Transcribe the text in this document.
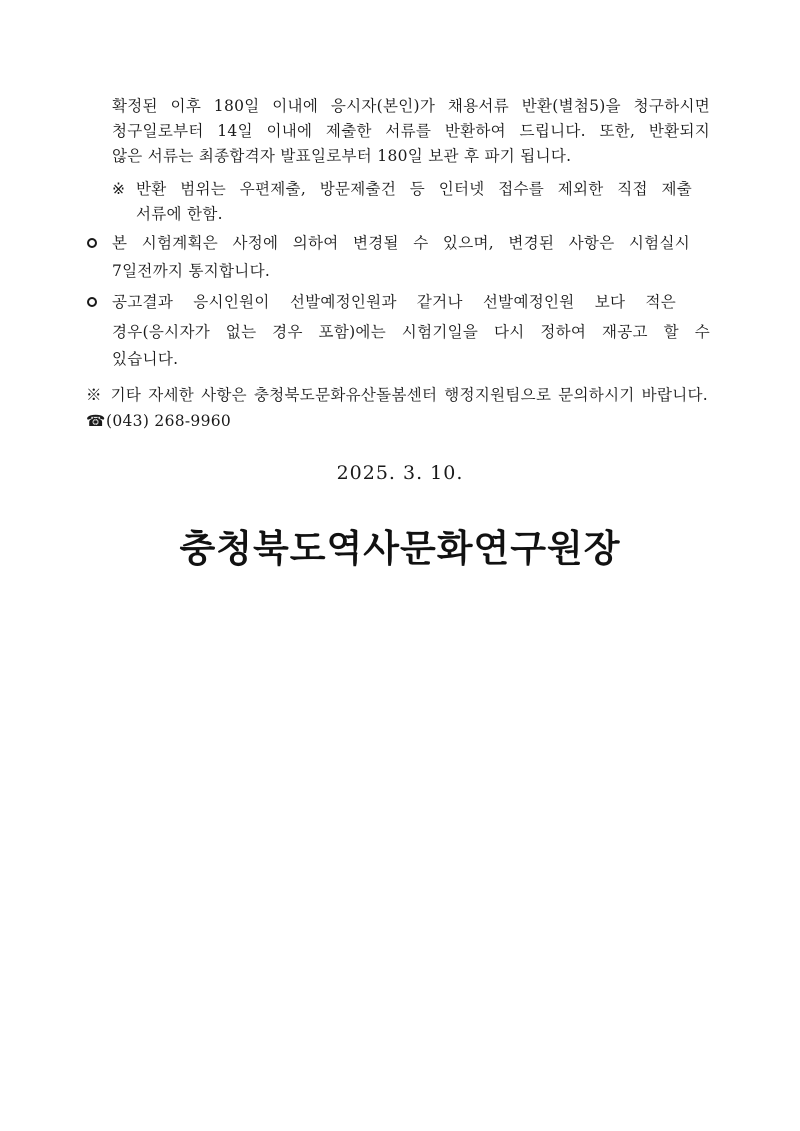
확정된 이후 180일 이내에 응시자(본인)가 채용서류 반환(별첨5)을 청구하시면
청구일로부터 14일 이내에 제출한 서류를 반환하여 드립니다. 또한, 반환되지
않은 서류는 최종합격자 발표일로부터 180일 보관 후 파기 됩니다.
※ 반환 범위는 우편제출, 방문제출건 등 인터넷 접수를 제외한 직접 제출
서류에 한함.
본 시험계획은 사정에 의하여 변경될 수 있으며, 변경된 사항은 시험실시
7일전까지 통지합니다.
공고결과 응시인원이 선발예정인원과 같거나 선발예정인원 보다 적은
경우(응시자가 없는 경우 포함)에는 시험기일을 다시 정하여 재공고 할 수
있습니다.
※ 기타 자세한 사항은 충청북도문화유산돌봄센터 행정지원팀으로 문의하시기 바랍니다.
☎ (043) 268-9960
2025. 3. 10.
충청북도역사문화연구원장
